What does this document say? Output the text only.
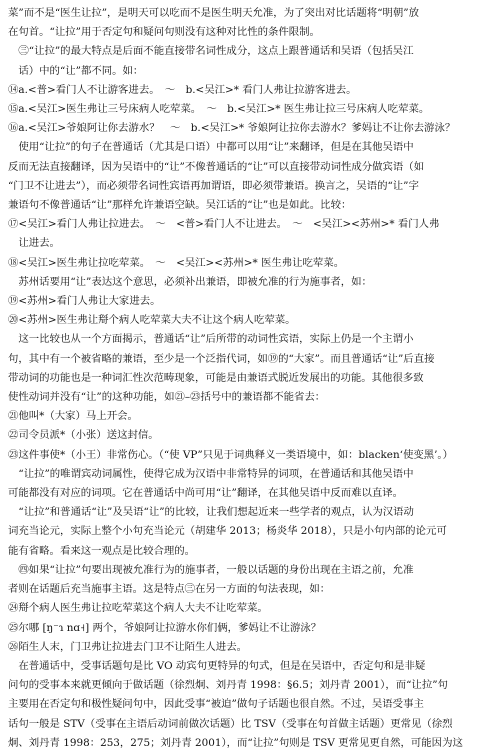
菜”而不是“医生让拉”，是明天可以吃而不是医生明天允准，为了突出对比话题将“明朝”放
在句首。“让拉”用于否定句和疑问句则没有这种对比性的条件限制。
　㊂“让拉”的最大特点是后面不能直接带名词性成分，这点上跟普通话和吴语（包括吴江
　话）中的“让”都不同。如：
⑭a.<普>看门人不让游客进去。　～　b.<吴江>* 看门人弗让拉游客进去。
⑮a.<吴江>医生弗让三号床病人吃荤菜。　～　b.<吴江>* 医生弗让拉三号床病人吃荤菜。
⑯a.<吴江>爷娘阿让你去游水？　～　b.<吴江>* 爷娘阿让拉你去游水？爹妈让不让你去游泳？
　使用“让拉”的句子在普通话（尤其是口语）中都可以用“让”来翻译，但是在其他吴语中
反而无法直接翻译，因为吴语中的“让”不像普通话的“让”可以直接带动词性成分做宾语（如
“门卫不让进去”），而必须带名词性宾语再加谓语，即必须带兼语。换言之，吴语的“让”字
兼语句不像普通话“让”那样允许兼语空缺。吴江话的“让”也是如此。比较：
⑰<吴江>看门人弗让拉进去。　～　<普>看门人不让进去。　～　<吴江><苏州>* 看门人弗
　让进去。
⑱<吴江>医生弗让拉吃荤菜。　～　<吴江><苏州>* 医生弗让吃荤菜。
　苏州话要用“让”表达这个意思，必须补出兼语，即被允准的行为施事者，如：
⑲<苏州>看门人弗让大家进去。
⑳<苏州>医生弗让搿个病人吃荤菜大夫不让这个病人吃荤菜。
　这一比较也从一个方面揭示，普通话“让”后所带的动词性宾语，实际上仍是一个主谓小
句，其中有一个被省略的兼语，至少是一个泛指代词，如⑲的“大家”。而且普通话“让”后直接
带动词的功能也是一种词汇性次范畴现象，可能是由兼语式脱近发展出的功能。其他很多致
使性动词并没有“让”的这种功能，如㉑–㉓括号中的兼语都不能省去：
㉑他叫*（大家）马上开会。
㉒司令员派*（小张）送这封信。
㉓这件事使*（小王）非常伤心。（“使 VP”只见于词典释义一类语境中，如：blacken‘使变黑’。）
　“让拉”的唯谓宾动词属性，使得它成为汉语中非常特异的词项，在普通话和其他吴语中
可能都没有对应的词项。它在普通话中尚可用“让”翻译，在其他吴语中反而难以直译。
　“让拉”和普通话“让”及吴语“让”的比较，让我们想起近来一些学者的观点，认为汉语动
词充当论元，实际上整个小句充当论元（胡建华 2013；杨炎华 2018），只是小句内部的论元可
能有省略。看来这一观点是比较合理的。
　㊃如果“让拉”句要出现被允准行为的施事者，一般以话题的身份出现在主语之前，允准
者则在话题后充当施事主语。这是特点㊂在另一方面的句法表现，如：
㉔搿个病人医生弗让拉吃荤菜这个病人大夫不让吃荤菜。
㉕尔哪 [ŋ⁻ɿ nɑ˧] 两个，爷娘阿让拉游水你们俩，爹妈让不让游泳？
㉖陌生人末，门卫弗让拉进去门卫不让陌生人进去。
　在普通话中，受事话题句是比 VO 动宾句更特异的句式，但是在吴语中，否定句和是非疑
问句的受事本来就更倾向于做话题（徐烈炯、刘丹青 1998：§6.5；刘丹青 2001），而“让拉”句
主要用在否定句和极性疑问句中，因此受事“被迫”做句子话题也很自然。不过，吴语受事主
话句一般是 STV（受事在主语后动词前做次话题）比 TSV（受事在句首做主话题）更常见（徐烈
炯、刘丹青 1998：253，275；刘丹青 2001），而“让拉”句则是 TSV 更常见更自然，可能因为这
